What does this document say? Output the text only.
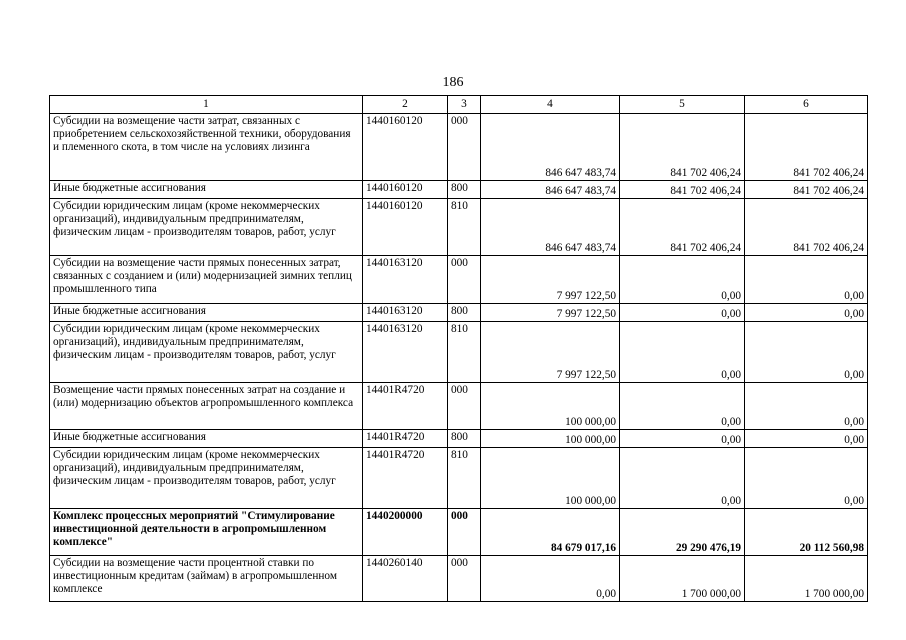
186
1	2	3	4	5	6
Субсидии на возмещение части затрат, связанных с приобретением сельскохозяйственной техники, оборудования и племенного скота, в том числе на условиях лизинга	1440160120	000	846 647 483,74	841 702 406,24	841 702 406,24
Иные бюджетные ассигнования	1440160120	800	846 647 483,74	841 702 406,24	841 702 406,24
Субсидии юридическим лицам (кроме некоммерческих организаций), индивидуальным предпринимателям, физическим лицам - производителям товаров, работ, услуг	1440160120	810	846 647 483,74	841 702 406,24	841 702 406,24
Субсидии на возмещение части прямых понесенных затрат, связанных с созданием и (или) модернизацией зимних теплиц промышленного типа	1440163120	000	7 997 122,50	0,00	0,00
Иные бюджетные ассигнования	1440163120	800	7 997 122,50	0,00	0,00
Субсидии юридическим лицам (кроме некоммерческих организаций), индивидуальным предпринимателям, физическим лицам - производителям товаров, работ, услуг	1440163120	810	7 997 122,50	0,00	0,00
Возмещение части прямых понесенных затрат на создание и (или) модернизацию объектов агропромышленного комплекса	14401R4720	000	100 000,00	0,00	0,00
Иные бюджетные ассигнования	14401R4720	800	100 000,00	0,00	0,00
Субсидии юридическим лицам (кроме некоммерческих организаций), индивидуальным предпринимателям, физическим лицам - производителям товаров, работ, услуг	14401R4720	810	100 000,00	0,00	0,00
Комплекс процессных мероприятий "Стимулирование инвестиционной деятельности в агропромышленном комплексе"	1440200000	000	84 679 017,16	29 290 476,19	20 112 560,98
Субсидии на возмещение части процентной ставки по инвестиционным кредитам (займам) в агропромышленном комплексе	1440260140	000	0,00	1 700 000,00	1 700 000,00
